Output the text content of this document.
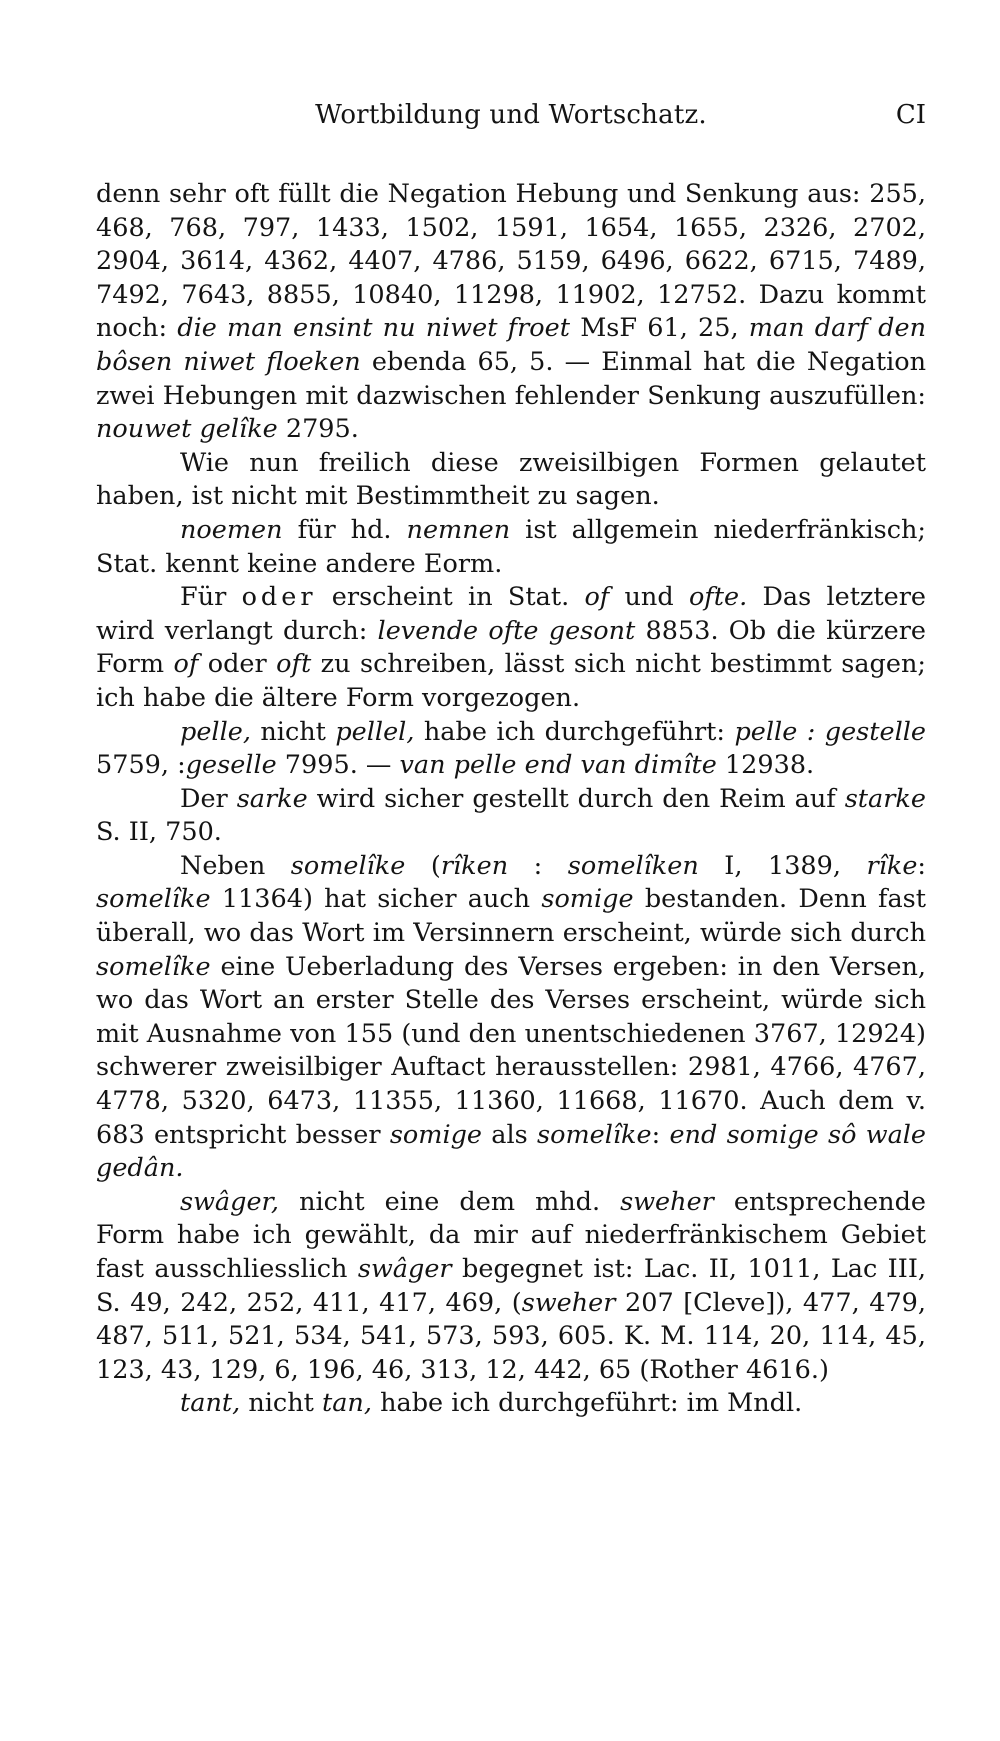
Wortbildung und Wortschatz.	CI

denn sehr oft füllt die Negation Hebung und Senkung aus: 255, 468, 768, 797, 1433, 1502, 1591, 1654, 1655, 2326, 2702, 2904, 3614, 4362, 4407, 4786, 5159, 6496, 6622, 6715, 7489, 7492, 7643, 8855, 10840, 11298, 11902, 12752. Dazu kommt noch: die man ensint nu niwet froet MsF 61, 25, man darf den bôsen niwet floeken ebenda 65, 5. — Einmal hat die Negation zwei Hebungen mit dazwischen fehlender Senkung auszufüllen: nouwet gelîke 2795.

Wie nun freilich diese zweisilbigen Formen gelautet haben, ist nicht mit Bestimmtheit zu sagen.

noemen für hd. nemnen ist allgemein niederfränkisch; Stat. kennt keine andere Eorm.

Für oder erscheint in Stat. of und ofte. Das letztere wird verlangt durch: levende ofte gesont 8853. Ob die kürzere Form of oder oft zu schreiben, lässt sich nicht bestimmt sagen; ich habe die ältere Form vorgezogen.

pelle, nicht pellel, habe ich durchgeführt: pelle : gestelle 5759, :geselle 7995. — van pelle end van dimîte 12938.

Der sarke wird sicher gestellt durch den Reim auf starke S. II, 750.

Neben somelîke (rîken : somelîken I, 1389, rîke: somelîke 11364) hat sicher auch somige bestanden. Denn fast überall, wo das Wort im Versinnern erscheint, würde sich durch somelîke eine Ueberladung des Verses ergeben: in den Versen, wo das Wort an erster Stelle des Verses erscheint, würde sich mit Ausnahme von 155 (und den unentschiedenen 3767, 12924) schwerer zweisilbiger Auftact herausstellen: 2981, 4766, 4767, 4778, 5320, 6473, 11355, 11360, 11668, 11670. Auch dem v. 683 entspricht besser somige als somelîke: end somige sô wale gedân.

swâger, nicht eine dem mhd. sweher entsprechende Form habe ich gewählt, da mir auf niederfränkischem Gebiet fast ausschliesslich swâger begegnet ist: Lac. II, 1011, Lac III, S. 49, 242, 252, 411, 417, 469, (sweher 207 [Cleve]), 477, 479, 487, 511, 521, 534, 541, 573, 593, 605. K. M. 114, 20, 114, 45, 123, 43, 129, 6, 196, 46, 313, 12, 442, 65 (Rother 4616.)

tant, nicht tan, habe ich durchgeführt: im Mndl.
